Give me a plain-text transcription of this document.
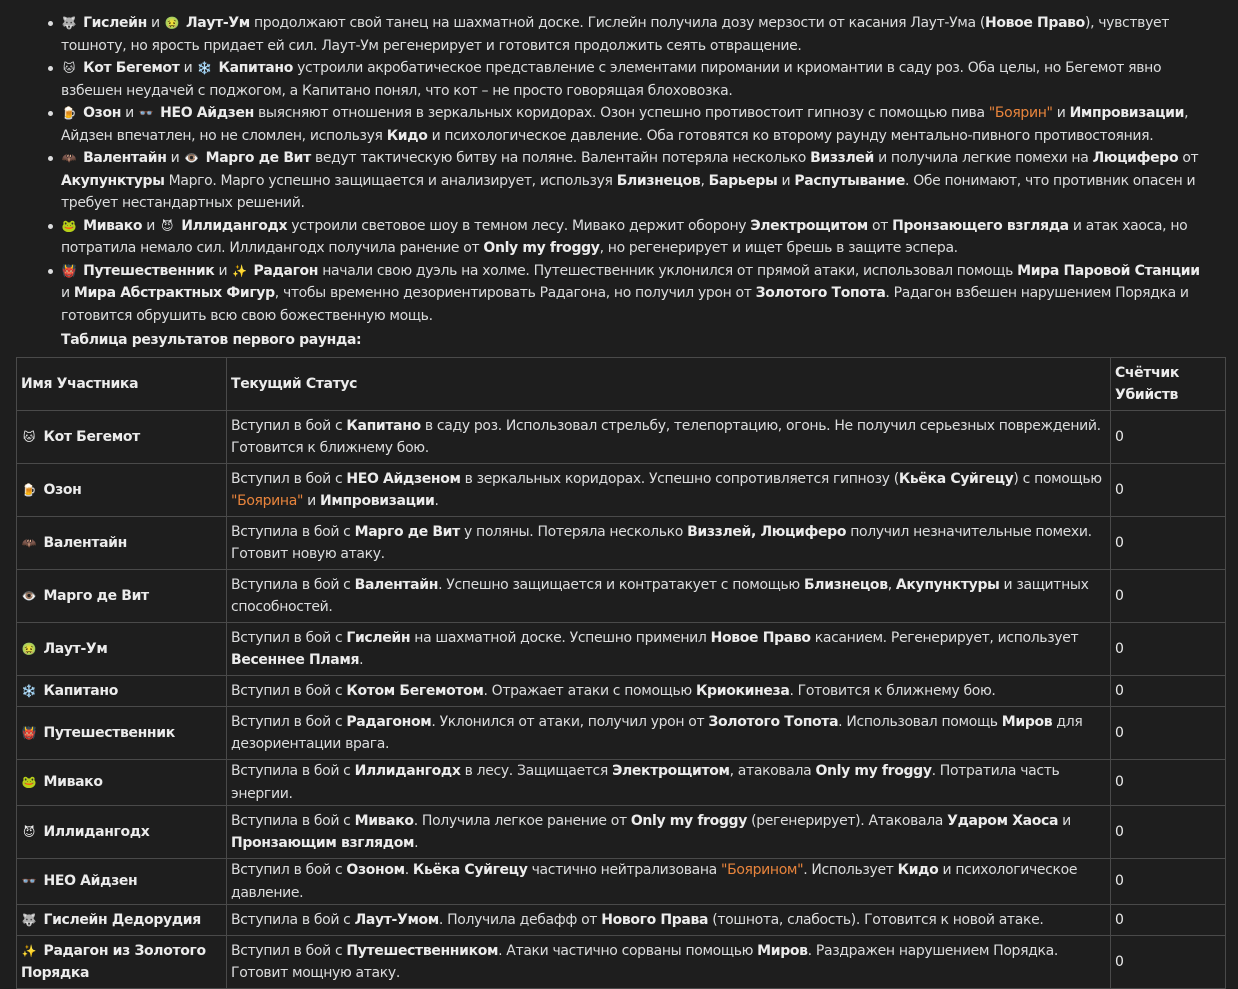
🐺 Гислейн и 🤢 Лаут-Ум продолжают свой танец на шахматной доске. Гислейн получила дозу мерзости от касания Лаут-Ума (Новое Право), чувствует тошноту, но ярость придает ей сил. Лаут-Ум регенерирует и готовится продолжить сеять отвращение.
🐱 Кот Бегемот и ❄️ Капитано устроили акробатическое представление с элементами пиромании и криомантии в саду роз. Оба целы, но Бегемот явно взбешен неудачей с поджогом, а Капитано понял, что кот – не просто говорящая блоховозка.
🍺 Озон и 👓 НЕО Айдзен выясняют отношения в зеркальных коридорах. Озон успешно противостоит гипнозу с помощью пива "Боярин" и Импровизации, Айдзен впечатлен, но не сломлен, используя Кидо и психологическое давление. Оба готовятся ко второму раунду ментально-пивного противостояния.
🦇 Валентайн и 👁️ Марго де Вит ведут тактическую битву на поляне. Валентайн потеряла несколько Виззлей и получила легкие помехи на Люциферо от Акупунктуры Марго. Марго успешно защищается и анализирует, используя Близнецов, Барьеры и Распутывание. Обе понимают, что противник опасен и требует нестандартных решений.
🐸 Мивако и 😈 Иллидангодх устроили световое шоу в темном лесу. Мивако держит оборону Электрощитом от Пронзающего взгляда и атак хаоса, но потратила немало сил. Иллидангодх получила ранение от Only my froggy, но регенерирует и ищет брешь в защите эспера.
👹 Путешественник и ✨ Радагон начали свою дуэль на холме. Путешественник уклонился от прямой атаки, использовал помощь Мира Паровой Станции и Мира Абстрактных Фигур, чтобы временно дезориентировать Радагона, но получил урон от Золотого Топота. Радагон взбешен нарушением Порядка и готовится обрушить всю свою божественную мощь.
Таблица результатов первого раунда:
Имя Участника	Текущий Статус	Счётчик Убийств
🐱 Кот Бегемот	Вступил в бой с Капитано в саду роз. Использовал стрельбу, телепортацию, огонь. Не получил серьезных повреждений. Готовится к ближнему бою.	0
🍺 Озон	Вступил в бой с НЕО Айдзеном в зеркальных коридорах. Успешно сопротивляется гипнозу (Кьёка Суйгецу) с помощью "Боярина" и Импровизации.	0
🦇 Валентайн	Вступила в бой с Марго де Вит у поляны. Потеряла несколько Виззлей, Люциферо получил незначительные помехи. Готовит новую атаку.	0
👁️ Марго де Вит	Вступила в бой с Валентайн. Успешно защищается и контратакует с помощью Близнецов, Акупунктуры и защитных способностей.	0
🤢 Лаут-Ум	Вступил в бой с Гислейн на шахматной доске. Успешно применил Новое Право касанием. Регенерирует, использует Весеннее Пламя.	0
❄️ Капитано	Вступил в бой с Котом Бегемотом. Отражает атаки с помощью Криокинеза. Готовится к ближнему бою.	0
👹 Путешественник	Вступил в бой с Радагоном. Уклонился от атаки, получил урон от Золотого Топота. Использовал помощь Миров для дезориентации врага.	0
🐸 Мивако	Вступила в бой с Иллидангодх в лесу. Защищается Электрощитом, атаковала Only my froggy. Потратила часть энергии.	0
😈 Иллидангодх	Вступила в бой с Мивако. Получила легкое ранение от Only my froggy (регенерирует). Атаковала Ударом Хаоса и Пронзающим взглядом.	0
👓 НЕО Айдзен	Вступил в бой с Озоном. Кьёка Суйгецу частично нейтрализована "Боярином". Использует Кидо и психологическое давление.	0
🐺 Гислейн Дедорудия	Вступила в бой с Лаут-Умом. Получила дебафф от Нового Права (тошнота, слабость). Готовится к новой атаке.	0
✨ Радагон из Золотого Порядка	Вступил в бой с Путешественником. Атаки частично сорваны помощью Миров. Раздражен нарушением Порядка. Готовит мощную атаку.	0
